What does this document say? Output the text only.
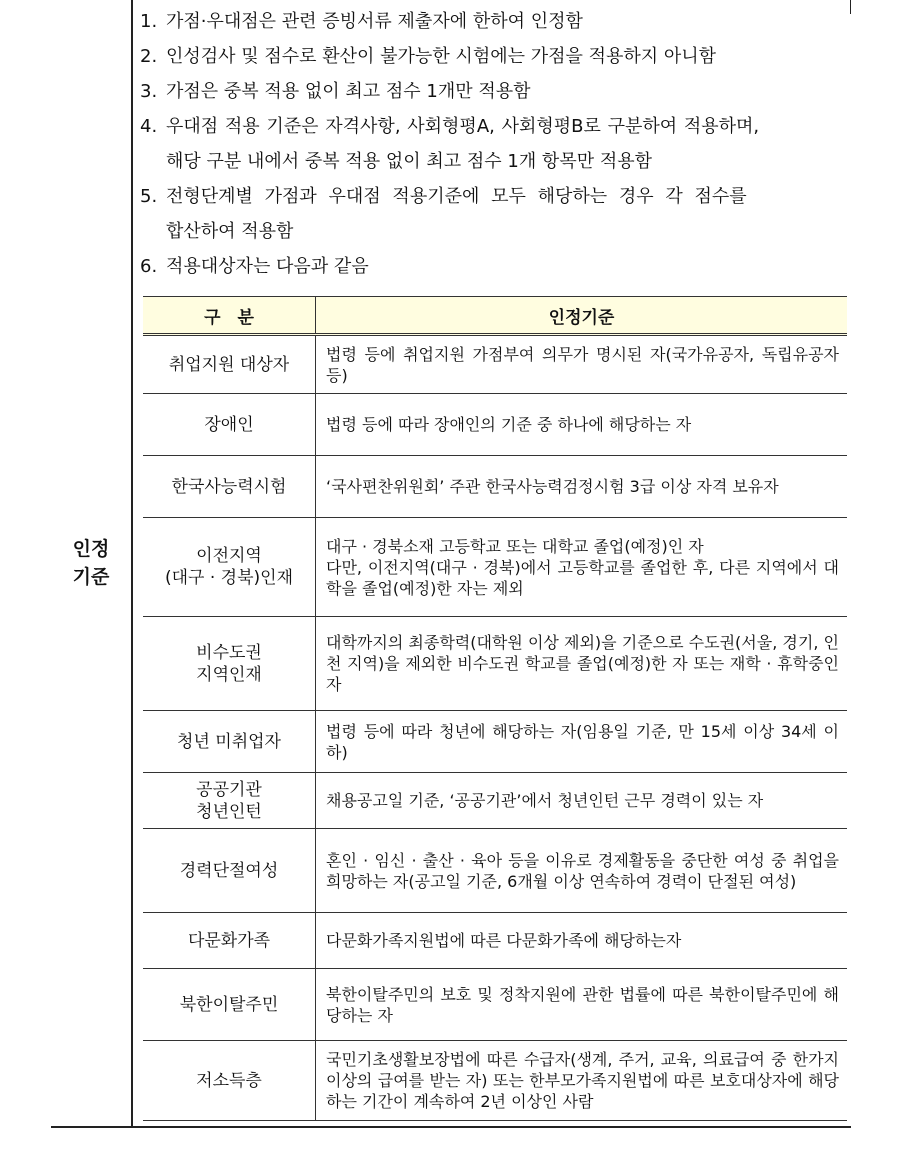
인정
기준
1. 가점·우대점은 관련 증빙서류 제출자에 한하여 인정함
2. 인성검사 및 점수로 환산이 불가능한 시험에는 가점을 적용하지 아니함
3. 가점은 중복 적용 없이 최고 점수 1개만 적용함
4. 우대점 적용 기준은 자격사항, 사회형평A, 사회형평B로 구분하여 적용하며,
해당 구분 내에서 중복 적용 없이 최고 점수 1개 항목만 적용함
5. 전형단계별 가점과 우대점 적용기준에 모두 해당하는 경우 각 점수를
합산하여 적용함
6. 적용대상자는 다음과 같음
구　분	인정기준
취업지원 대상자	법령 등에 취업지원 가점부여 의무가 명시된 자(국가유공자, 독립유공자 등)
장애인	법령 등에 따라 장애인의 기준 중 하나에 해당하는 자
한국사능력시험	‘국사편찬위원회’ 주관 한국사능력검정시험 3급 이상 자격 보유자
이전지역
(대구 · 경북)인재	대구 · 경북소재 고등학교 또는 대학교 졸업(예정)인 자
다만, 이전지역(대구 · 경북)에서 고등학교를 졸업한 후, 다른 지역에서 대학을 졸업(예정)한 자는 제외
비수도권
지역인재	대학까지의 최종학력(대학원 이상 제외)을 기준으로 수도권(서울, 경기, 인천 지역)을 제외한 비수도권 학교를 졸업(예정)한 자 또는 재학 · 휴학중인 자
청년 미취업자	법령 등에 따라 청년에 해당하는 자(임용일 기준, 만 15세 이상 34세 이하)
공공기관
청년인턴	채용공고일 기준, ‘공공기관’에서 청년인턴 근무 경력이 있는 자
경력단절여성	혼인 · 임신 · 출산 · 육아 등을 이유로 경제활동을 중단한 여성 중 취업을 희망하는 자(공고일 기준, 6개월 이상 연속하여 경력이 단절된 여성)
다문화가족	다문화가족지원법에 따른 다문화가족에 해당하는자
북한이탈주민	북한이탈주민의 보호 및 정착지원에 관한 법률에 따른 북한이탈주민에 해당하는 자
저소득층	국민기초생활보장법에 따른 수급자(생계, 주거, 교육, 의료급여 중 한가지 이상의 급여를 받는 자) 또는 한부모가족지원법에 따른 보호대상자에 해당하는 기간이 계속하여 2년 이상인 사람
